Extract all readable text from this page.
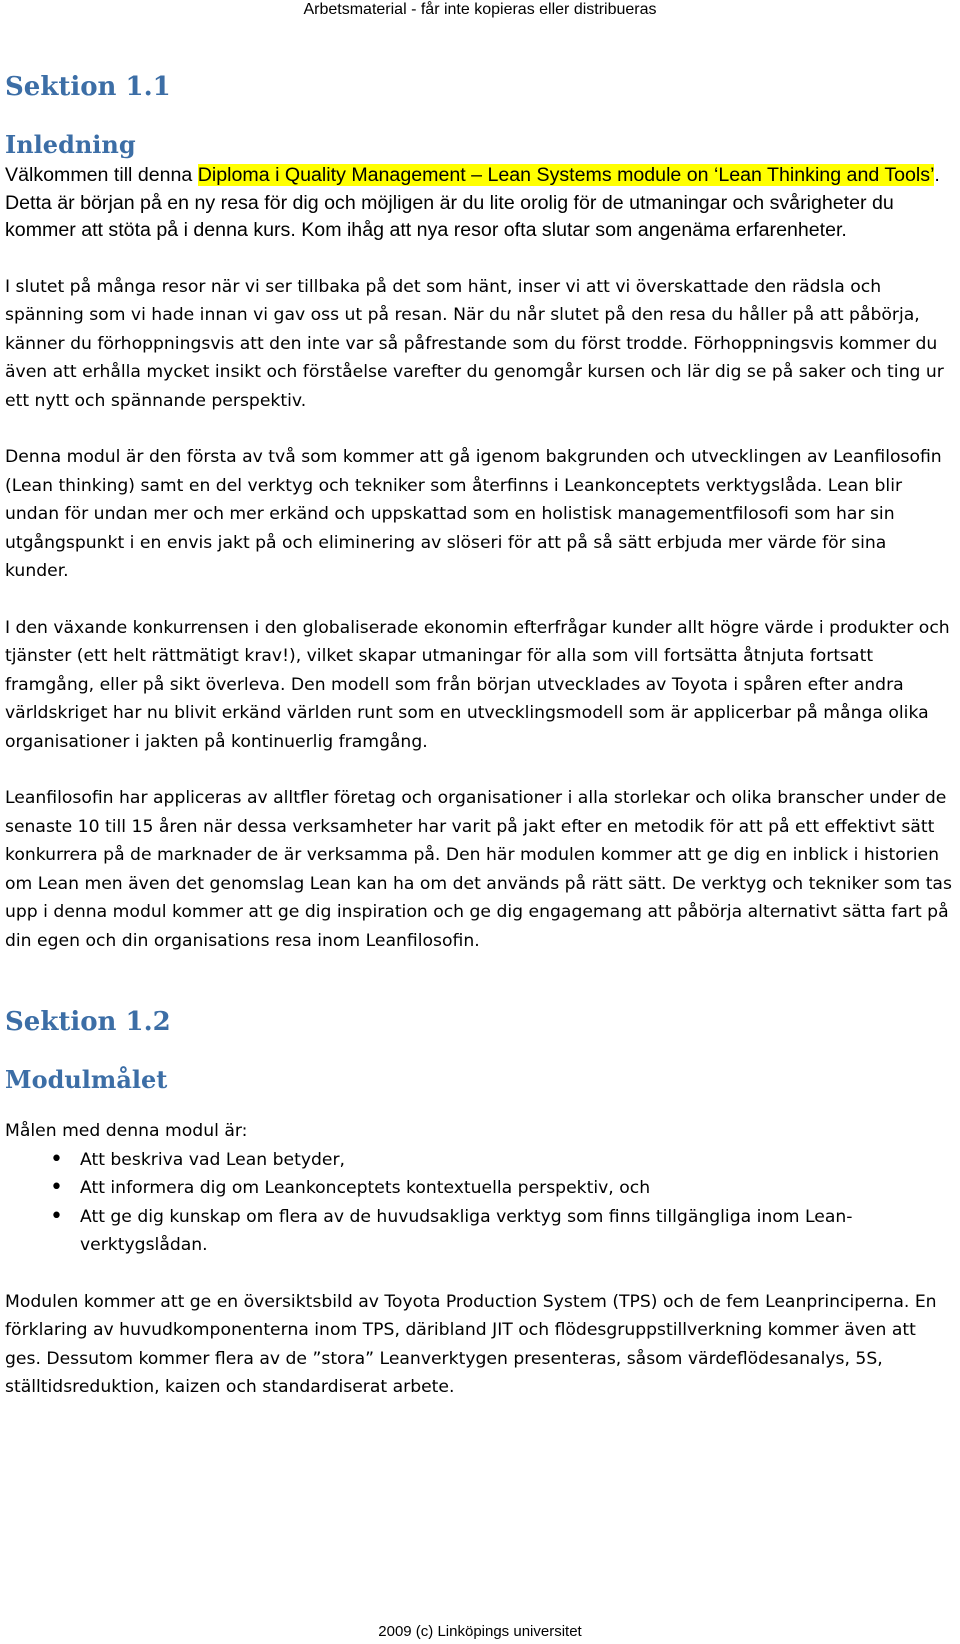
Arbetsmaterial - får inte kopieras eller distribueras
Sektion 1.1
Inledning

Välkommen till denna Diploma i Quality Management – Lean Systems module on ‘Lean Thinking and Tools’. Detta är början på en ny resa för dig och möjligen är du lite orolig för de utmaningar och svårigheter du kommer att stöta på i denna kurs. Kom ihåg att nya resor ofta slutar som angenäma erfarenheter.

I slutet på många resor när vi ser tillbaka på det som hänt, inser vi att vi överskattade den rädsla och spänning som vi hade innan vi gav oss ut på resan. När du når slutet på den resa du håller på att påbörja, känner du förhoppningsvis att den inte var så påfrestande som du först trodde. Förhoppningsvis kommer du även att erhålla mycket insikt och förståelse varefter du genomgår kursen och lär dig se på saker och ting ur ett nytt och spännande perspektiv.

Denna modul är den första av två som kommer att gå igenom bakgrunden och utvecklingen av Leanfilosofin (Lean thinking) samt en del verktyg och tekniker som återfinns i Leankonceptets verktygslåda. Lean blir undan för undan mer och mer erkänd och uppskattad som en holistisk managementfilosofi som har sin utgångspunkt i en envis jakt på och eliminering av slöseri för att på så sätt erbjuda mer värde för sina kunder.

I den växande konkurrensen i den globaliserade ekonomin efterfrågar kunder allt högre värde i produkter och tjänster (ett helt rättmätigt krav!), vilket skapar utmaningar för alla som vill fortsätta åtnjuta fortsatt framgång, eller på sikt överleva. Den modell som från början utvecklades av Toyota i spåren efter andra världskriget har nu blivit erkänd världen runt som en utvecklingsmodell som är applicerbar på många olika organisationer i jakten på kontinuerlig framgång.

Leanfilosofin har appliceras av alltfler företag och organisationer i alla storlekar och olika branscher under de senaste 10 till 15 åren när dessa verksamheter har varit på jakt efter en metodik för att på ett effektivt sätt konkurrera på de marknader de är verksamma på. Den här modulen kommer att ge dig en inblick i historien om Lean men även det genomslag Lean kan ha om det används på rätt sätt. De verktyg och tekniker som tas upp i denna modul kommer att ge dig inspiration och ge dig engagemang att påbörja alternativt sätta fart på din egen och din organisations resa inom Leanfilosofin.

Sektion 1.2
Modulmålet

Målen med denna modul är:

• Att beskriva vad Lean betyder,
• Att informera dig om Leankonceptets kontextuella perspektiv, och
• Att ge dig kunskap om flera av de huvudsakliga verktyg som finns tillgängliga inom Lean-verktygslådan.

Modulen kommer att ge en översiktsbild av Toyota Production System (TPS) och de fem Leanprinciperna. En förklaring av huvudkomponenterna inom TPS, däribland JIT och flödesgruppstillverkning kommer även att ges. Dessutom kommer flera av de ”stora” Leanverktygen presenteras, såsom värdeflödesanalys, 5S, ställtidsreduktion, kaizen och standardiserat arbete.

2009 (c) Linköpings universitet
